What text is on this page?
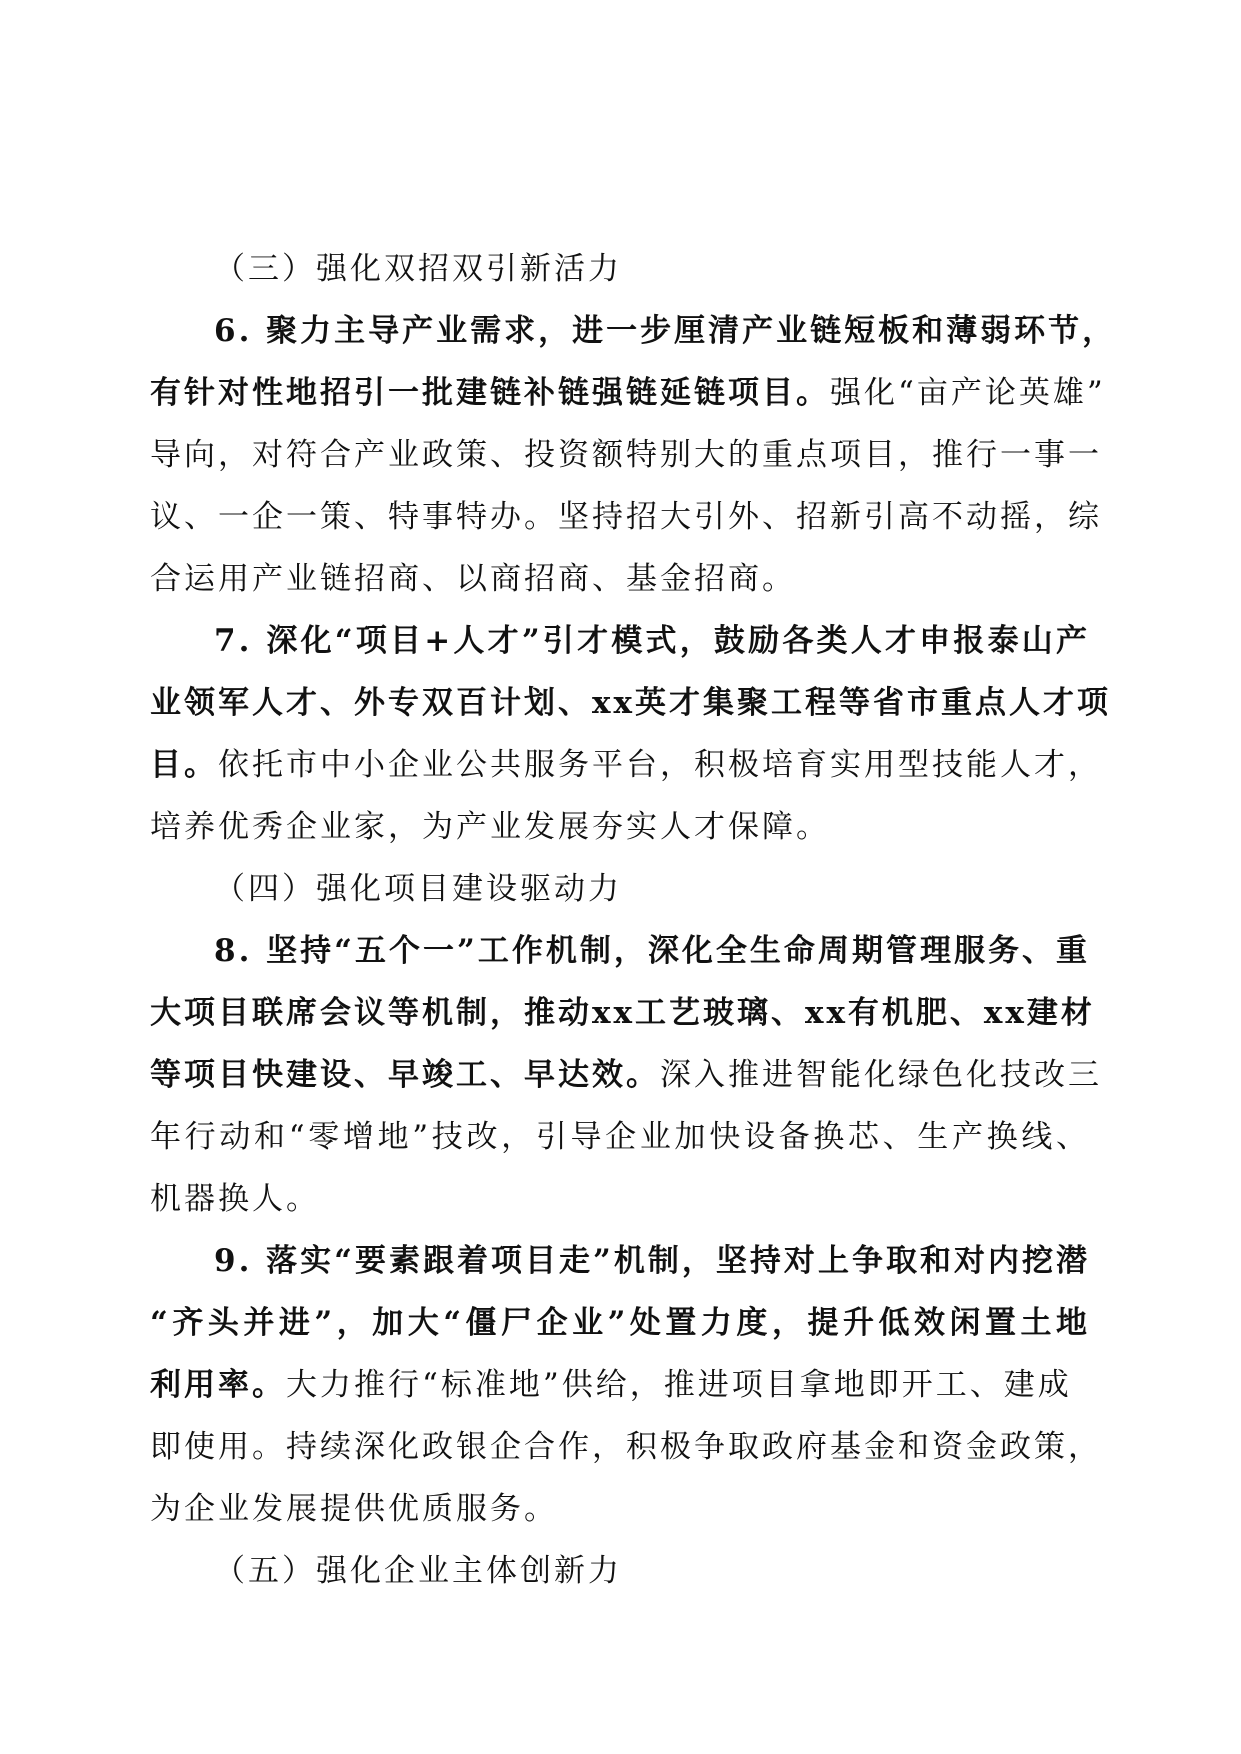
（三）强化双招双引新活力
6. 聚力主导产业需求，进一步厘清产业链短板和薄弱环节，
有针对性地招引一批建链补链强链延链项目。强化“亩产论英雄”
导向，对符合产业政策、投资额特别大的重点项目，推行一事一
议、一企一策、特事特办。坚持招大引外、招新引高不动摇，综
合运用产业链招商、以商招商、基金招商。
7. 深化“项目+人才”引才模式，鼓励各类人才申报泰山产
业领军人才、外专双百计划、xx英才集聚工程等省市重点人才项
目。依托市中小企业公共服务平台，积极培育实用型技能人才，
培养优秀企业家，为产业发展夯实人才保障。
（四）强化项目建设驱动力
8. 坚持“五个一”工作机制，深化全生命周期管理服务、重
大项目联席会议等机制，推动xx工艺玻璃、xx有机肥、xx建材
等项目快建设、早竣工、早达效。深入推进智能化绿色化技改三
年行动和“零增地”技改，引导企业加快设备换芯、生产换线、
机器换人。
9. 落实“要素跟着项目走”机制，坚持对上争取和对内挖潜
“齐头并进”，加大“僵尸企业”处置力度，提升低效闲置土地
利用率。大力推行“标准地”供给，推进项目拿地即开工、建成
即使用。持续深化政银企合作，积极争取政府基金和资金政策，
为企业发展提供优质服务。
（五）强化企业主体创新力
